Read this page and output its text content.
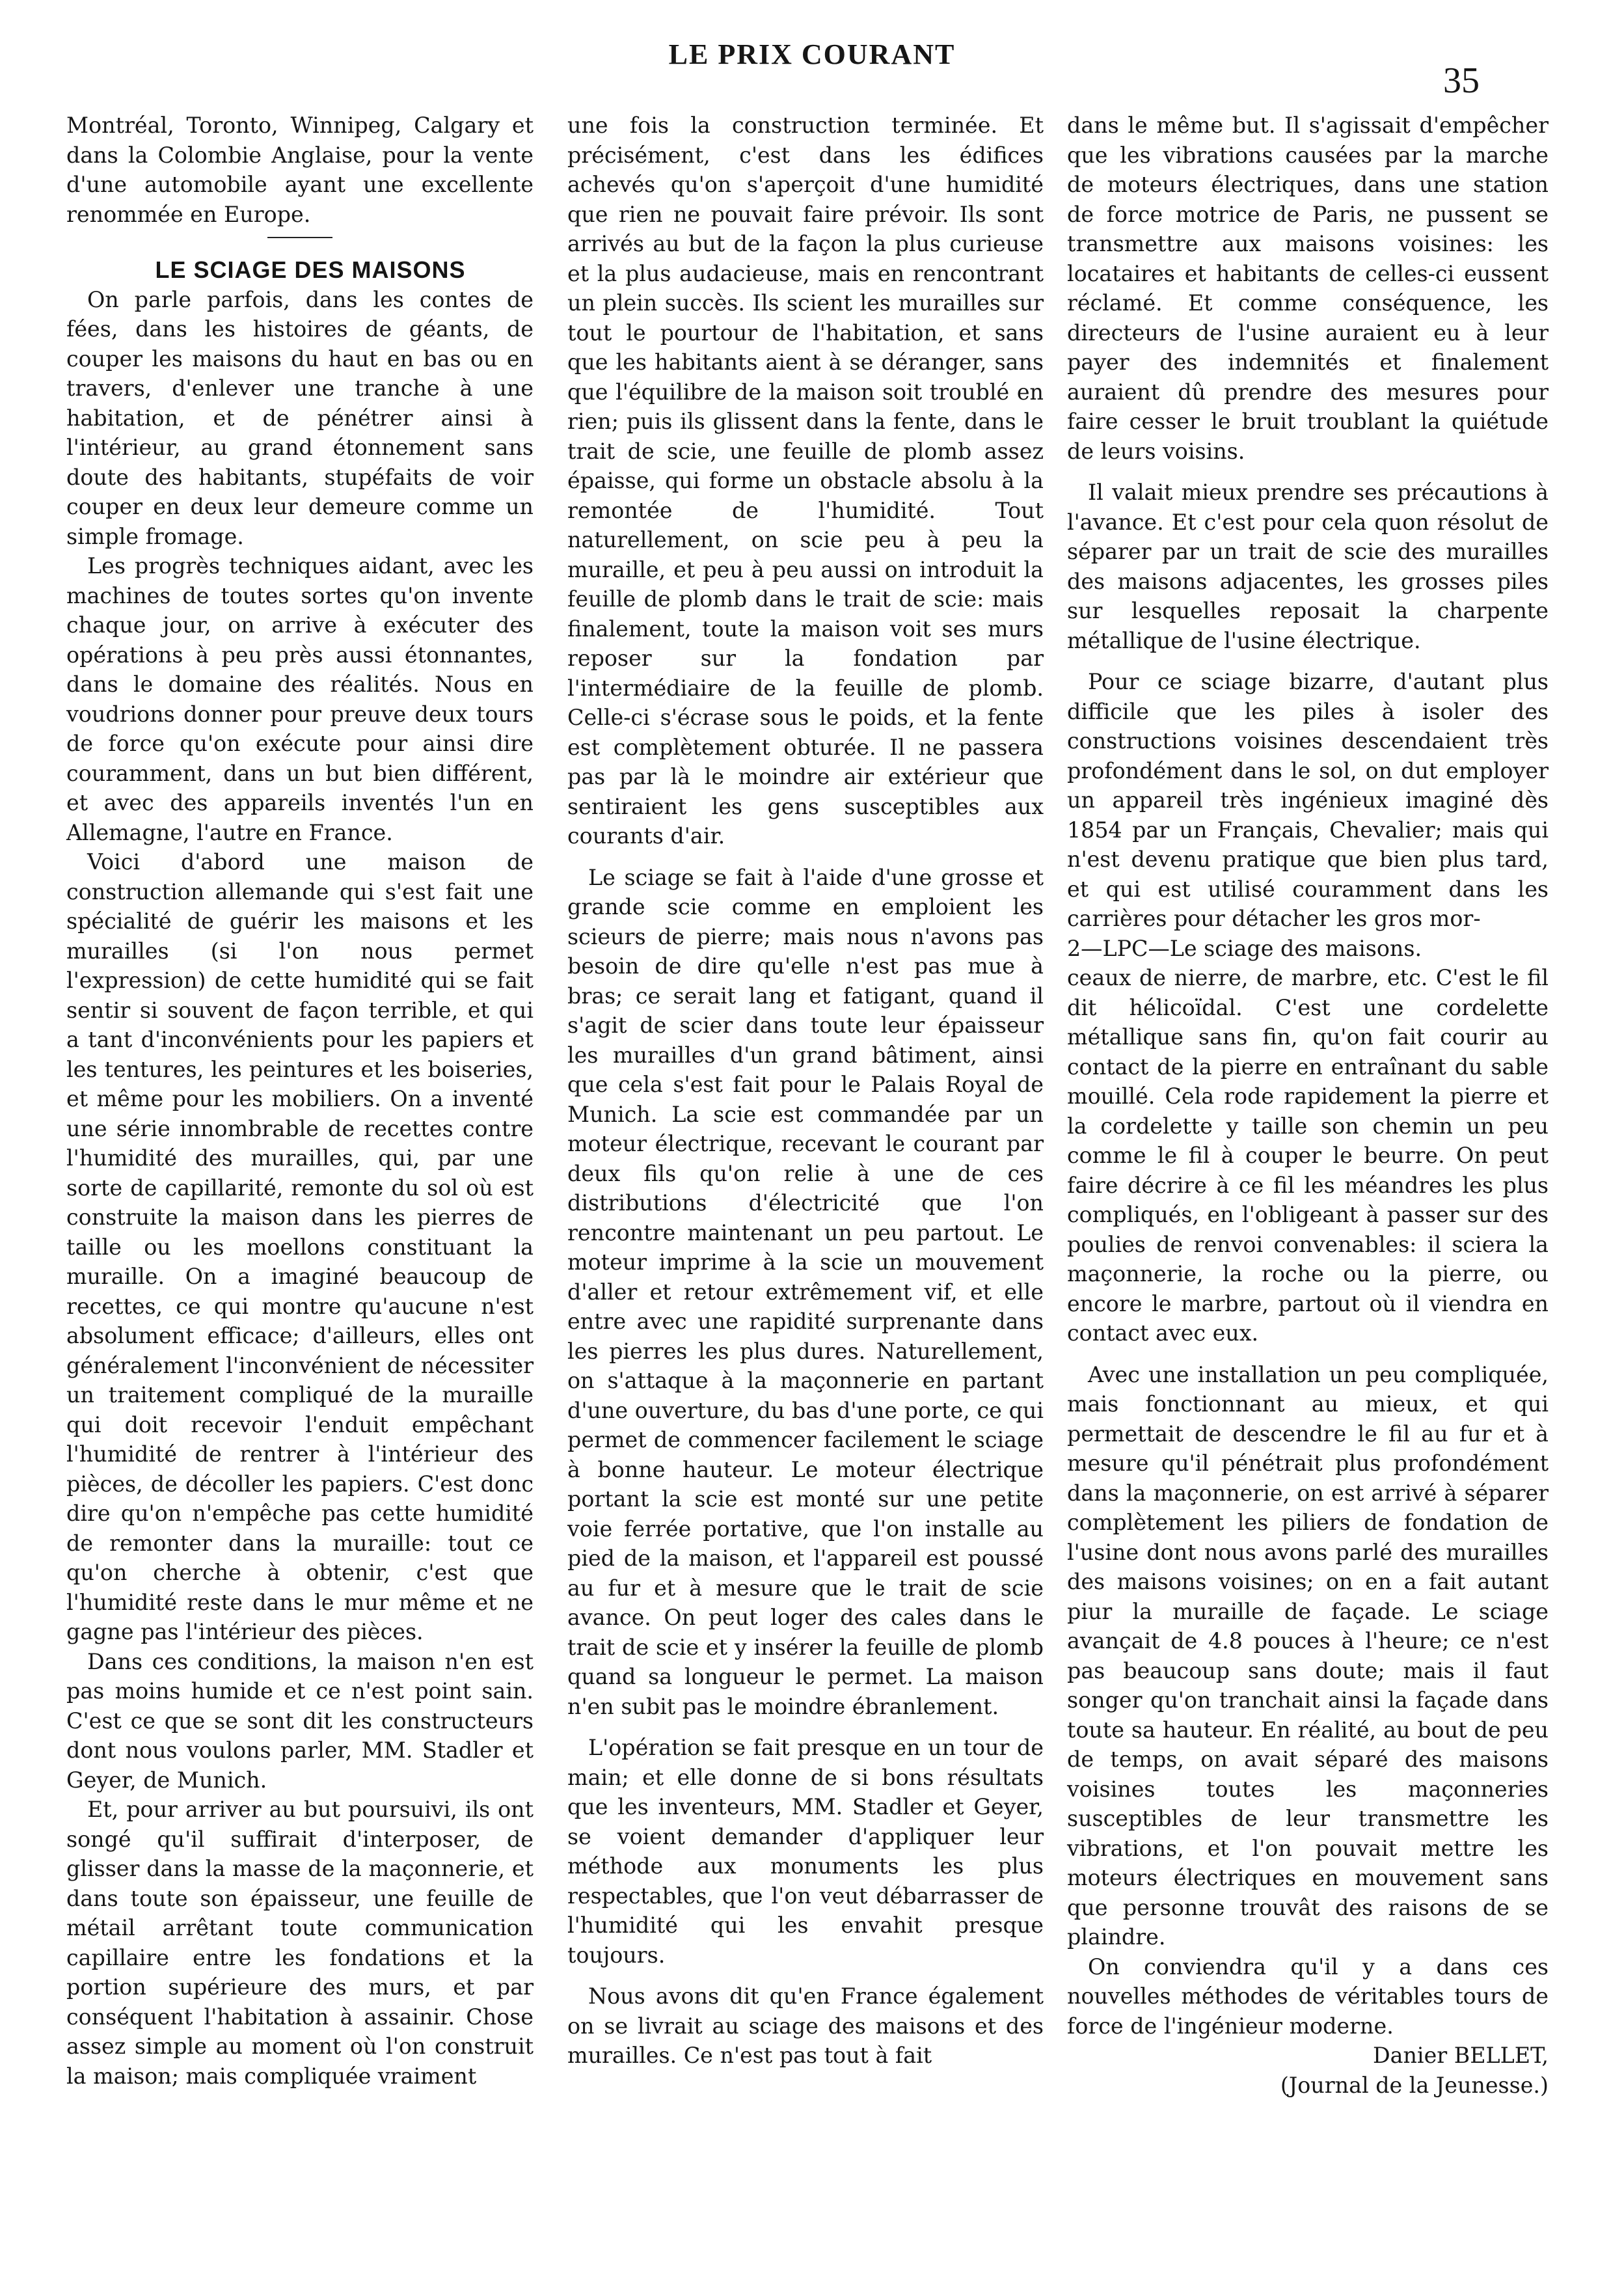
LE PRIX COURANT
35

Montréal, Toronto, Winnipeg, Calgary et dans la Colombie Anglaise, pour la vente d'une automobile ayant une excellente renommée en Europe.

LE SCIAGE DES MAISONS

On parle parfois, dans les contes de fées, dans les histoires de géants, de couper les maisons du haut en bas ou en travers, d'enlever une tranche à une habitation, et de pénétrer ainsi à l'intérieur, au grand étonnement sans doute des habitants, stupéfaits de voir couper en deux leur demeure comme un simple fromage.

Les progrès techniques aidant, avec les machines de toutes sortes qu'on invente chaque jour, on arrive à exécuter des opérations à peu près aussi étonnantes, dans le domaine des réalités. Nous en voudrions donner pour preuve deux tours de force qu'on exécute pour ainsi dire couramment, dans un but bien différent, et avec des appareils inventés l'un en Allemagne, l'autre en France.

Voici d'abord une maison de construction allemande qui s'est fait une spécialité de guérir les maisons et les murailles (si l'on nous permet l'expression) de cette humidité qui se fait sentir si souvent de façon terrible, et qui a tant d'inconvénients pour les papiers et les tentures, les peintures et les boiseries, et même pour les mobiliers. On a inventé une série innombrable de recettes contre l'humidité des murailles, qui, par une sorte de capillarité, remonte du sol où est construite la maison dans les pierres de taille ou les moellons constituant la muraille. On a imaginé beaucoup de recettes, ce qui montre qu'aucune n'est absolument efficace; d'ailleurs, elles ont généralement l'inconvénient de nécessiter un traitement compliqué de la muraille qui doit recevoir l'enduit empêchant l'humidité de rentrer à l'intérieur des pièces, de décoller les papiers. C'est donc dire qu'on n'empêche pas cette humidité de remonter dans la muraille: tout ce qu'on cherche à obtenir, c'est que l'humidité reste dans le mur même et ne gagne pas l'intérieur des pièces.

Dans ces conditions, la maison n'en est pas moins humide et ce n'est point sain. C'est ce que se sont dit les constructeurs dont nous voulons parler, MM. Stadler et Geyer, de Munich.

Et, pour arriver au but poursuivi, ils ont songé qu'il suffirait d'interposer, de glisser dans la masse de la maçonnerie, et dans toute son épaisseur, une feuille de métail arrêtant toute communication capillaire entre les fondations et la portion supérieure des murs, et par conséquent l'habitation à assainir. Chose assez simple au moment où l'on construit la maison; mais compliquée vraiment

une fois la construction terminée. Et précisément, c'est dans les édifices achevés qu'on s'aperçoit d'une humidité que rien ne pouvait faire prévoir. Ils sont arrivés au but de la façon la plus curieuse et la plus audacieuse, mais en rencontrant un plein succès. Ils scient les murailles sur tout le pourtour de l'habitation, et sans que les habitants aient à se déranger, sans que l'équilibre de la maison soit troublé en rien; puis ils glissent dans la fente, dans le trait de scie, une feuille de plomb assez épaisse, qui forme un obstacle absolu à la remontée de l'humidité. Tout naturellement, on scie peu à peu la muraille, et peu à peu aussi on introduit la feuille de plomb dans le trait de scie: mais finalement, toute la maison voit ses murs reposer sur la fondation par l'intermédiaire de la feuille de plomb. Celle-ci s'écrase sous le poids, et la fente est complètement obturée. Il ne passera pas par là le moindre air extérieur que sentiraient les gens susceptibles aux courants d'air.

Le sciage se fait à l'aide d'une grosse et grande scie comme en emploient les scieurs de pierre; mais nous n'avons pas besoin de dire qu'elle n'est pas mue à bras; ce serait lang et fatigant, quand il s'agit de scier dans toute leur épaisseur les murailles d'un grand bâtiment, ainsi que cela s'est fait pour le Palais Royal de Munich. La scie est commandée par un moteur électrique, recevant le courant par deux fils qu'on relie à une de ces distributions d'électricité que l'on rencontre maintenant un peu partout. Le moteur imprime à la scie un mouvement d'aller et retour extrêmement vif, et elle entre avec une rapidité surprenante dans les pierres les plus dures. Naturellement, on s'attaque à la maçonnerie en partant d'une ouverture, du bas d'une porte, ce qui permet de commencer facilement le sciage à bonne hauteur. Le moteur électrique portant la scie est monté sur une petite voie ferrée portative, que l'on installe au pied de la maison, et l'appareil est poussé au fur et à mesure que le trait de scie avance. On peut loger des cales dans le trait de scie et y insérer la feuille de plomb quand sa longueur le permet. La maison n'en subit pas le moindre ébranlement.

L'opération se fait presque en un tour de main; et elle donne de si bons résultats que les inventeurs, MM. Stadler et Geyer, se voient demander d'appliquer leur méthode aux monuments les plus respectables, que l'on veut débarrasser de l'humidité qui les envahit presque toujours.

Nous avons dit qu'en France également on se livrait au sciage des maisons et des murailles. Ce n'est pas tout à fait

dans le même but. Il s'agissait d'empêcher que les vibrations causées par la marche de moteurs électriques, dans une station de force motrice de Paris, ne pussent se transmettre aux maisons voisines: les locataires et habitants de celles-ci eussent réclamé. Et comme conséquence, les directeurs de l'usine auraient eu à leur payer des indemnités et finalement auraient dû prendre des mesures pour faire cesser le bruit troublant la quiétude de leurs voisins.

Il valait mieux prendre ses précautions à l'avance. Et c'est pour cela quon résolut de séparer par un trait de scie des murailles des maisons adjacentes, les grosses piles sur lesquelles reposait la charpente métallique de l'usine électrique.

Pour ce sciage bizarre, d'autant plus difficile que les piles à isoler des constructions voisines descendaient très profondément dans le sol, on dut employer un appareil très ingénieux imaginé dès 1854 par un Français, Chevalier; mais qui n'est devenu pratique que bien plus tard, et qui est utilisé couramment dans les carrières pour détacher les gros mor-

2—LPC—Le sciage des maisons.

ceaux de nierre, de marbre, etc. C'est le fil dit hélicoïdal. C'est une cordelette métallique sans fin, qu'on fait courir au contact de la pierre en entraînant du sable mouillé. Cela rode rapidement la pierre et la cordelette y taille son chemin un peu comme le fil à couper le beurre. On peut faire décrire à ce fil les méandres les plus compliqués, en l'obligeant à passer sur des poulies de renvoi convenables: il sciera la maçonnerie, la roche ou la pierre, ou encore le marbre, partout où il viendra en contact avec eux.

Avec une installation un peu compliquée, mais fonctionnant au mieux, et qui permettait de descendre le fil au fur et à mesure qu'il pénétrait plus profondément dans la maçonnerie, on est arrivé à séparer complètement les piliers de fondation de l'usine dont nous avons parlé des murailles des maisons voisines; on en a fait autant piur la muraille de façade. Le sciage avançait de 4.8 pouces à l'heure; ce n'est pas beaucoup sans doute; mais il faut songer qu'on tranchait ainsi la façade dans toute sa hauteur. En réalité, au bout de peu de temps, on avait séparé des maisons voisines toutes les maçonneries susceptibles de leur transmettre les vibrations, et l'on pouvait mettre les moteurs électriques en mouvement sans que personne trouvât des raisons de se plaindre.

On conviendra qu'il y a dans ces nouvelles méthodes de véritables tours de force de l'ingénieur moderne.

Danier BELLET,

(Journal de la Jeunesse.)
